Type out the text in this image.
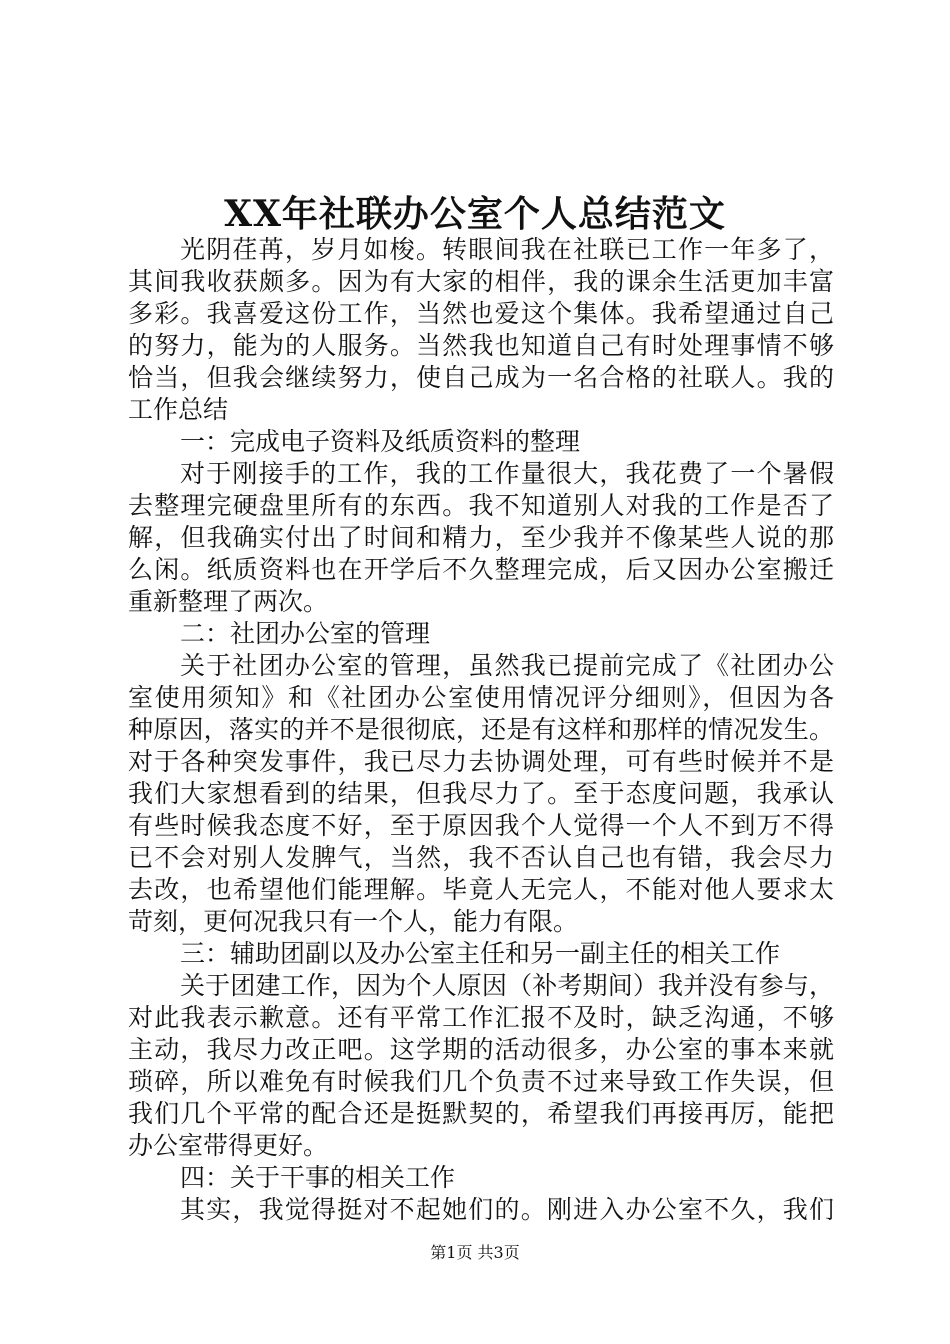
XX年社联办公室个人总结范文
光阴荏苒，岁月如梭。转眼间我在社联已工作一年多了，
其间我收获颇多。因为有大家的相伴，我的课余生活更加丰富
多彩。我喜爱这份工作，当然也爱这个集体。我希望通过自己
的努力，能为的人服务。当然我也知道自己有时处理事情不够
恰当，但我会继续努力，使自己成为一名合格的社联人。我的
工作总结
一：完成电子资料及纸质资料的整理
对于刚接手的工作，我的工作量很大，我花费了一个暑假
去整理完硬盘里所有的东西。我不知道别人对我的工作是否了
解，但我确实付出了时间和精力，至少我并不像某些人说的那
么闲。纸质资料也在开学后不久整理完成，后又因办公室搬迁
重新整理了两次。
二：社团办公室的管理
关于社团办公室的管理，虽然我已提前完成了《社团办公
室使用须知》和《社团办公室使用情况评分细则》，但因为各
种原因，落实的并不是很彻底，还是有这样和那样的情况发生。
对于各种突发事件，我已尽力去协调处理，可有些时候并不是
我们大家想看到的结果，但我尽力了。至于态度问题，我承认
有些时候我态度不好，至于原因我个人觉得一个人不到万不得
已不会对别人发脾气，当然，我不否认自己也有错，我会尽力
去改，也希望他们能理解。毕竟人无完人，不能对他人要求太
苛刻，更何况我只有一个人，能力有限。
三：辅助团副以及办公室主任和另一副主任的相关工作
关于团建工作，因为个人原因（补考期间）我并没有参与，
对此我表示歉意。还有平常工作汇报不及时，缺乏沟通，不够
主动，我尽力改正吧。这学期的活动很多，办公室的事本来就
琐碎，所以难免有时候我们几个负责不过来导致工作失误，但
我们几个平常的配合还是挺默契的，希望我们再接再厉，能把
办公室带得更好。
四：关于干事的相关工作
其实，我觉得挺对不起她们的。刚进入办公室不久，我们
第1页 共3页
